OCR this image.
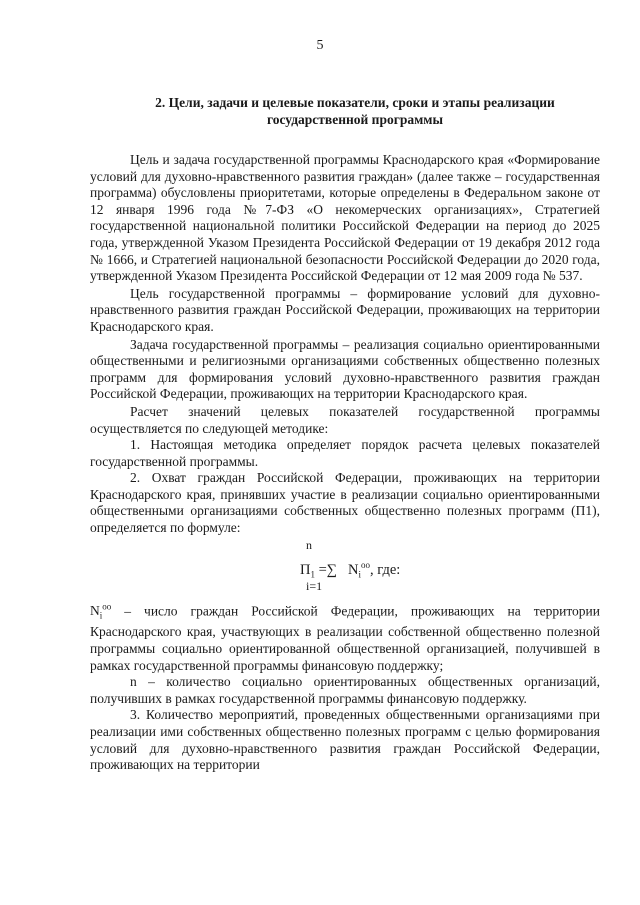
5
2. Цели, задачи и целевые показатели, сроки и этапы реализации
государственной программы

Цель и задача государственной программы Краснодарского края «Формирование условий для духовно-нравственного развития граждан» (далее также – государственная программа) обусловлены приоритетами, которые определены в Федеральном законе от 12 января 1996 года №7-ФЗ «О некомерческих организациях», Стратегией государственной национальной политики Российской Федерации на период до 2025 года, утвержденной Указом Президента Российской Федерации от 19 декабря 2012 года № 1666, и Стратегией национальной безопасности Российской Федерации до 2020 года, утвержденной Указом Президента Российской Федерации от 12 мая 2009 года № 537.

Цель государственной программы – формирование условий для духовно-нравственного развития граждан Российской Федерации, проживающих на территории Краснодарского края.

Задача государственной программы – реализация социально ориентированными общественными и религиозными организациями собственных общественно полезных программ для формирования условий духовно-нравственного развития граждан Российской Федерации, проживающих на территории Краснодарского края.

Расчет значений целевых показателей государственной программы осуществляется по следующей методике:

1. Настоящая методика определяет порядок расчета целевых показателей государственной программы.

2. Охват граждан Российской Федерации, проживающих на территории Краснодарского края, принявших участие в реализации социально ориентированными общественными организациями собственных общественно полезных программ (П1), определяется по формуле:

n
$П_1$ =∑ $N_i^{оо}$, где:
i=1

$N_i^{оо}$ – число граждан Российской Федерации, проживающих на территории Краснодарского края, участвующих в реализации собственной общественно полезной программы социально ориентированной общественной организацией, получившей в рамках государственной программы финансовую поддержку;

n – количество социально ориентированных общественных организаций, получивших в рамках государственной программы финансовую поддержку.

3. Количество мероприятий, проведенных общественными организациями при реализации ими собственных общественно полезных программ с целью формирования условий для духовно-нравственного развития граждан Российской Федерации, проживающих на территории
